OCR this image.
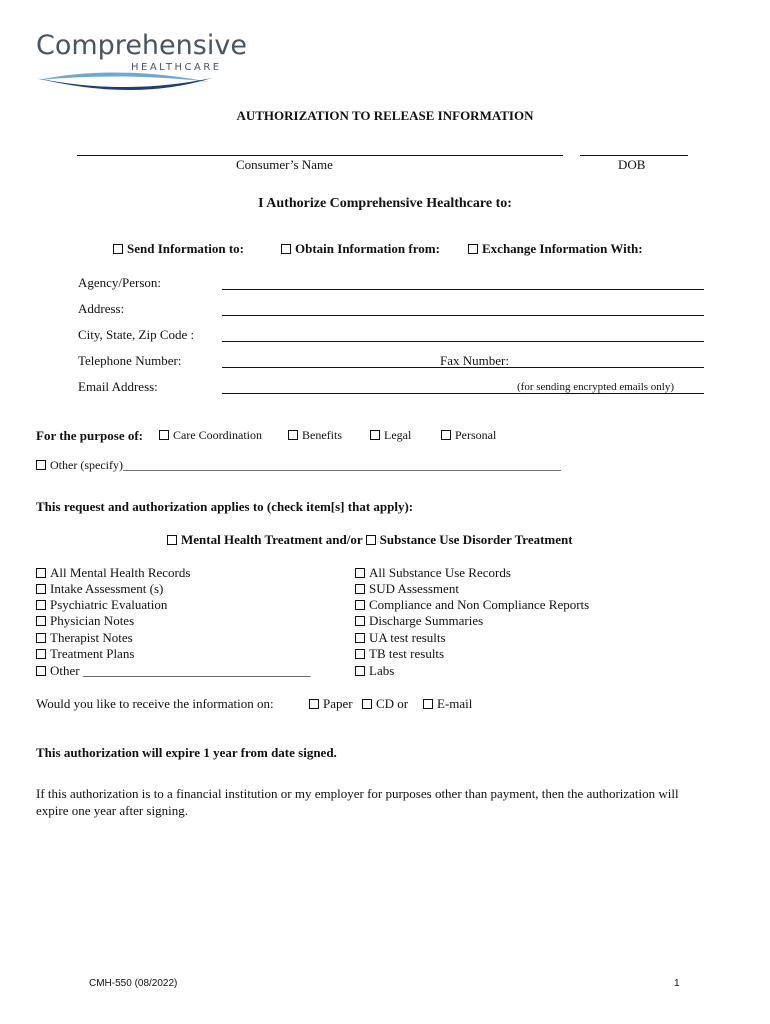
Comprehensive
HEALTHCARE
AUTHORIZATION TO RELEASE INFORMATION
Consumer’s Name	DOB
I Authorize Comprehensive Healthcare to:
Send Information to:	Obtain Information from:	Exchange Information With:
Agency/Person:
Address:
City, State, Zip Code :
Telephone Number:	Fax Number:
Email Address:	(for sending encrypted emails only)
For the purpose of:	Care Coordination	Benefits	Legal	Personal
Other (specify)_________________________________________________________________________
This request and authorization applies to (check item[s] that apply):
Mental Health Treatment and/or Substance Use Disorder Treatment
All Mental Health Records
Intake Assessment (s)
Psychiatric Evaluation
Physician Notes
Therapist Notes
Treatment Plans
Other ___________________________________
All Substance Use Records
SUD Assessment
Compliance and Non Compliance Reports
Discharge Summaries
UA test results
TB test results
Labs
Would you like to receive the information on:	Paper	CD or	E-mail
This authorization will expire 1 year from date signed.
If this authorization is to a financial institution or my employer for purposes other than payment, then the authorization will
expire one year after signing.
CMH-550 (08/2022)	1
